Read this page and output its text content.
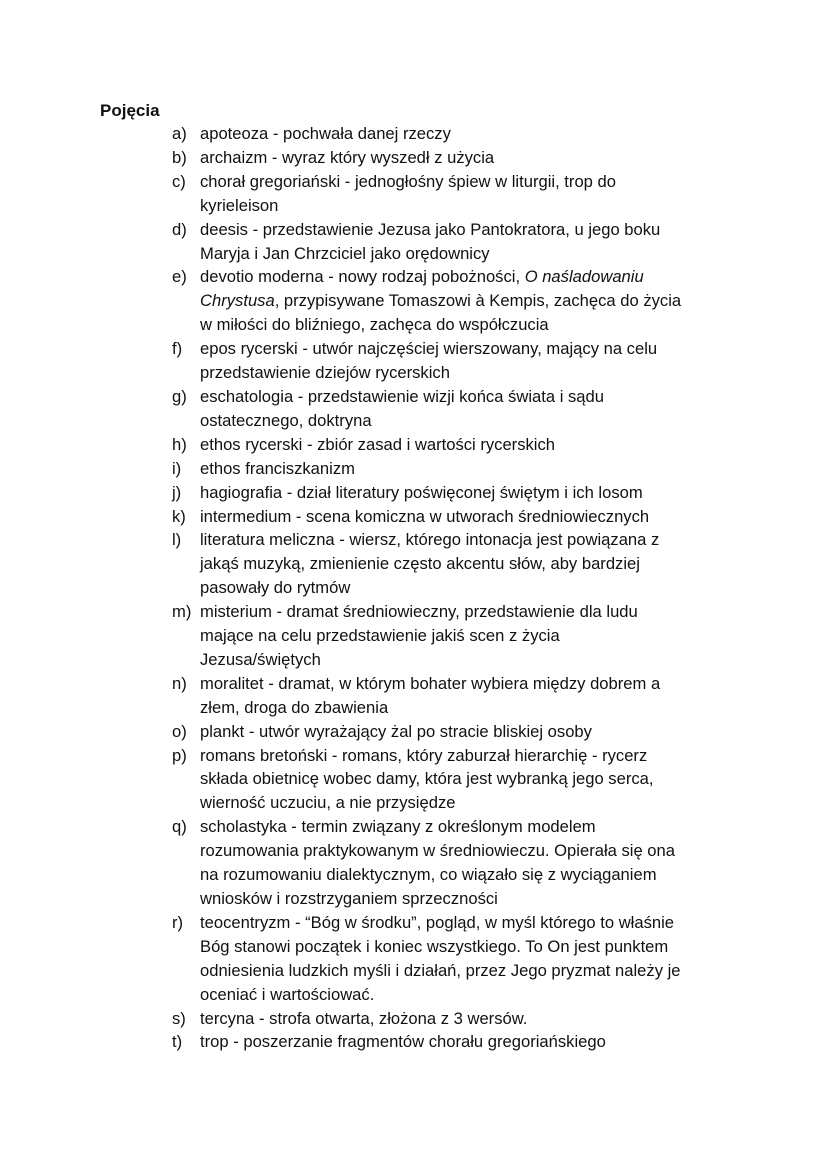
Pojęcia
a) apoteoza - pochwała danej rzeczy
b) archaizm - wyraz który wyszedł z użycia
c) chorał gregoriański - jednogłośny śpiew w liturgii, trop do
kyrieleison
d) deesis - przedstawienie Jezusa jako Pantokratora, u jego boku
Maryja i Jan Chrzciciel jako orędownicy
e) devotio moderna - nowy rodzaj pobożności, O naśladowaniu
Chrystusa, przypisywane Tomaszowi à Kempis, zachęca do życia
w miłości do bliźniego, zachęca do współczucia
f) epos rycerski - utwór najczęściej wierszowany, mający na celu
przedstawienie dziejów rycerskich
g) eschatologia - przedstawienie wizji końca świata i sądu
ostatecznego, doktryna
h) ethos rycerski - zbiór zasad i wartości rycerskich
i) ethos franciszkanizm
j) hagiografia - dział literatury poświęconej świętym i ich losom
k) intermedium - scena komiczna w utworach średniowiecznych
l) literatura meliczna - wiersz, którego intonacja jest powiązana z
jakąś muzyką, zmienienie często akcentu słów, aby bardziej
pasowały do rytmów
m) misterium - dramat średniowieczny, przedstawienie dla ludu
mające na celu przedstawienie jakiś scen z życia
Jezusa/świętych
n) moralitet - dramat, w którym bohater wybiera między dobrem a
złem, droga do zbawienia
o) plankt - utwór wyrażający żal po stracie bliskiej osoby
p) romans bretoński - romans, który zaburzał hierarchię - rycerz
składa obietnicę wobec damy, która jest wybranką jego serca,
wierność uczuciu, a nie przysiędze
q) scholastyka - termin związany z określonym modelem
rozumowania praktykowanym w średniowieczu. Opierała się ona
na rozumowaniu dialektycznym, co wiązało się z wyciąganiem
wniosków i rozstrzyganiem sprzeczności
r) teocentryzm - “Bóg w środku”, pogląd, w myśl którego to właśnie
Bóg stanowi początek i koniec wszystkiego. To On jest punktem
odniesienia ludzkich myśli i działań, przez Jego pryzmat należy je
oceniać i wartościować.
s) tercyna - strofa otwarta, złożona z 3 wersów.
t) trop - poszerzanie fragmentów chorału gregoriańskiego
